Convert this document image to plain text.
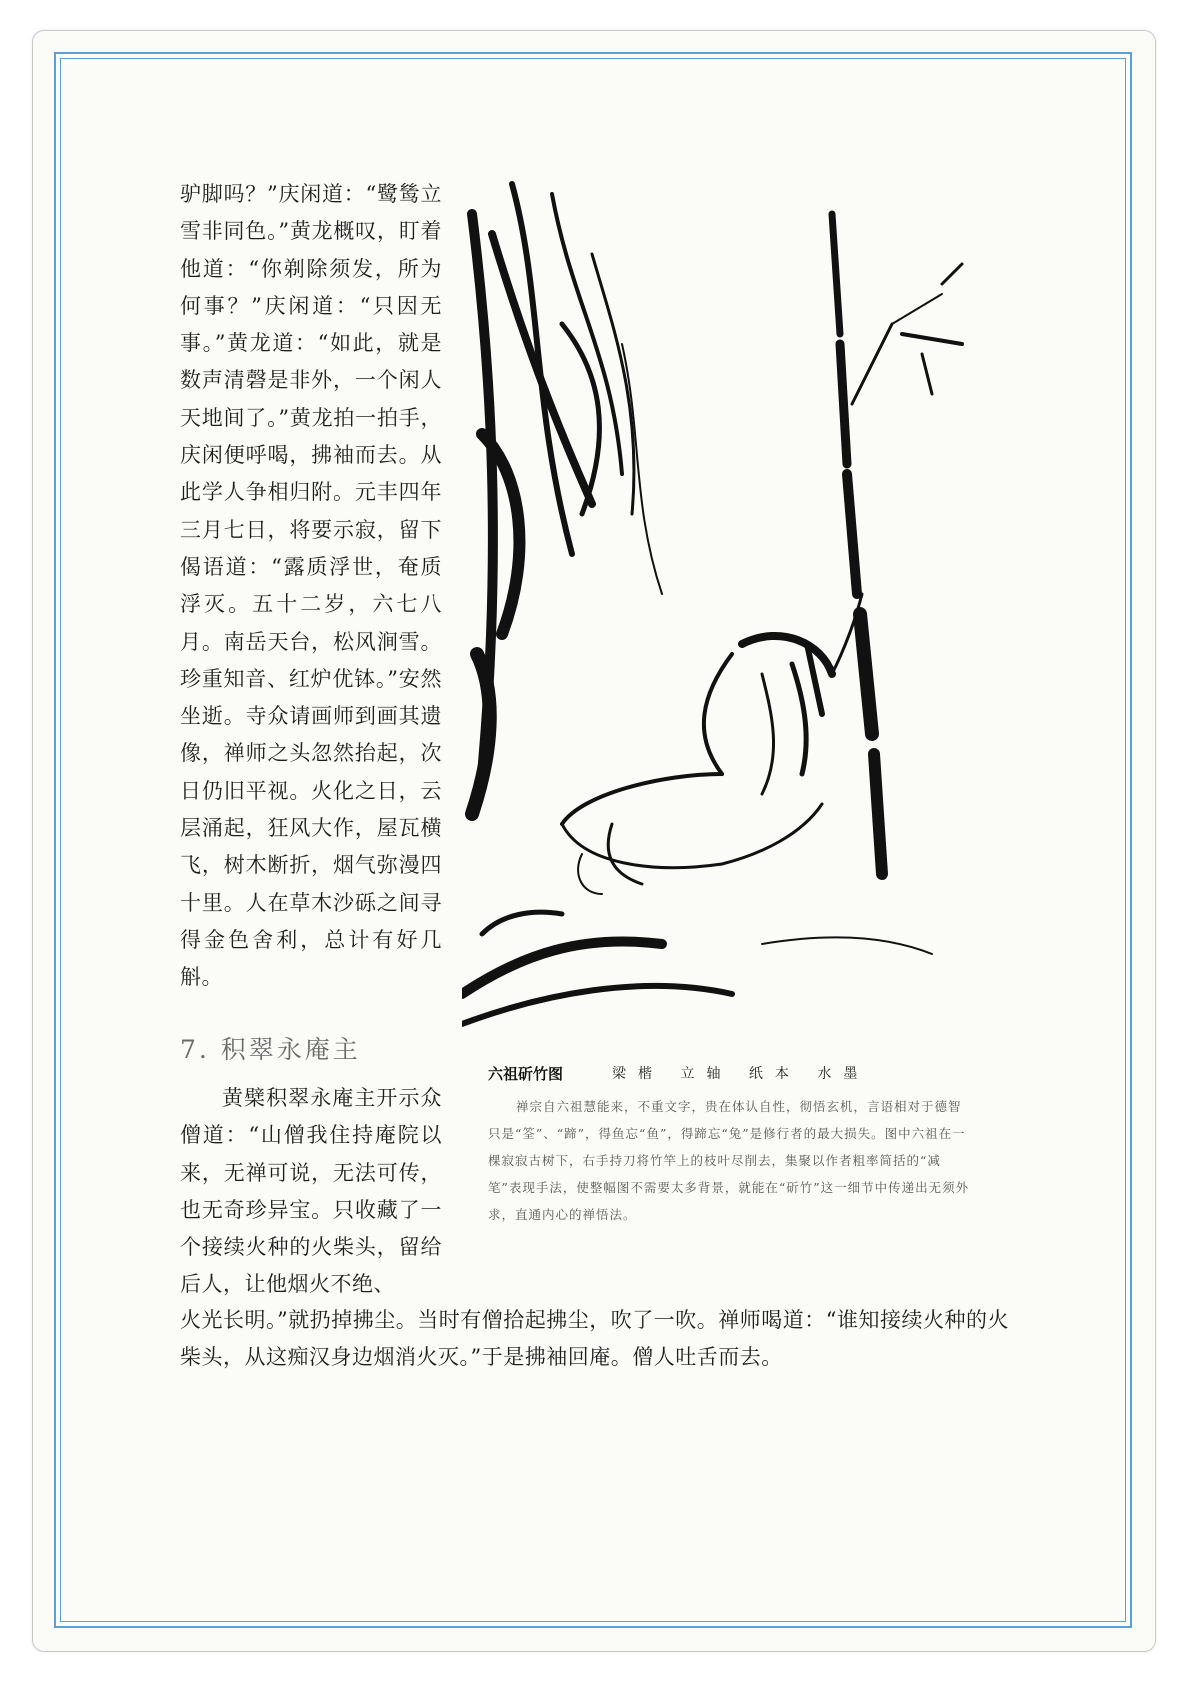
驴脚吗？”庆闲道：“鹭鸶立雪非同色。”黄龙概叹，盯着他道：“你剃除须发，所为何事？”庆闲道：“只因无事。”黄龙道：“如此，就是数声清磬是非外，一个闲人天地间了。”黄龙拍一拍手，庆闲便呼喝，拂袖而去。从此学人争相归附。元丰四年三月七日，将要示寂，留下偈语道：“露质浮世，奄质浮灭。五十二岁，六七八月。南岳天台，松风涧雪。珍重知音、红炉优钵。”安然坐逝。寺众请画师到画其遗像，禅师之头忽然抬起，次日仍旧平视。火化之日，云层涌起，狂风大作，屋瓦横飞，树木断折，烟气弥漫四十里。人在草木沙砾之间寻得金色舍利，总计有好几斛。
7. 积翠永庵主
黄檗积翠永庵主开示众僧道：“山僧我住持庵院以来，无禅可说，无法可传，也无奇珍异宝。只收藏了一个接续火种的火柴头，留给后人，让他烟火不绝、
火光长明。”就扔掉拂尘。当时有僧拾起拂尘，吹了一吹。禅师喝道：“谁知接续火种的火柴头，从这痴汉身边烟消火灭。”于是拂袖回庵。僧人吐舌而去。
六祖斫竹图	梁楷 立轴 纸本 水墨
禅宗自六祖慧能来，不重文字，贵在体认自性，彻悟玄机，言语相对于德智只是“筌”、“蹄”，得鱼忘“鱼”，得蹄忘“兔”是修行者的最大损失。图中六祖在一棵寂寂古树下，右手持刀将竹竿上的枝叶尽削去，集聚以作者粗率简括的“减笔”表现手法，使整幅图不需要太多背景，就能在“斫竹”这一细节中传递出无须外求，直通内心的禅悟法。
